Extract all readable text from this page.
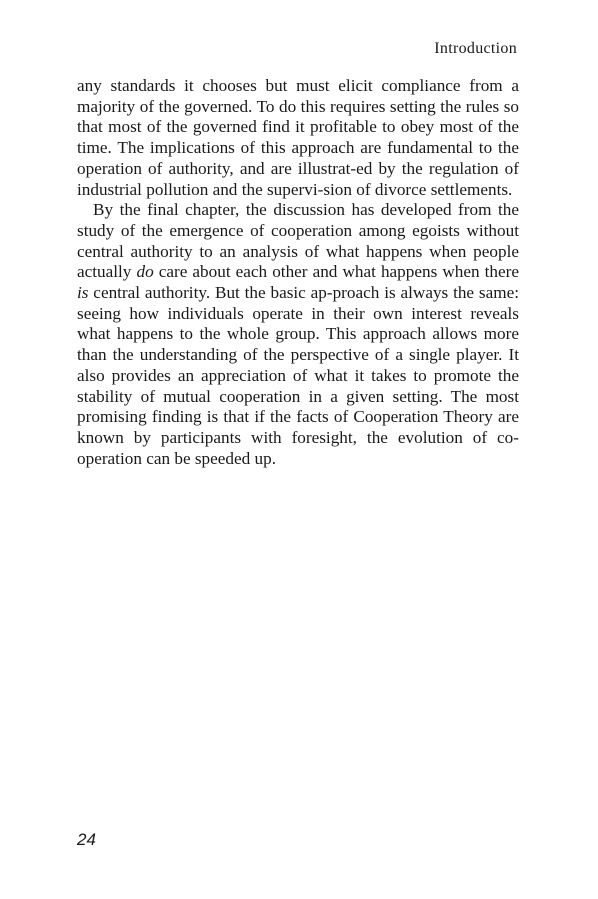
Introduction

any standards it chooses but must elicit compliance from a majority of the governed. To do this requires setting the rules so that most of the governed find it profitable to obey most of the time. The implications of this approach are fundamental to the operation of authority, and are illustrat-ed by the regulation of industrial pollution and the supervi-sion of divorce settlements.

By the final chapter, the discussion has developed from the study of the emergence of cooperation among egoists without central authority to an analysis of what happens when people actually do care about each other and what happens when there is central authority. But the basic ap-proach is always the same: seeing how individuals operate in their own interest reveals what happens to the whole group. This approach allows more than the understanding of the perspective of a single player. It also provides an appreciation of what it takes to promote the stability of mutual cooperation in a given setting. The most promising finding is that if the facts of Cooperation Theory are known by participants with foresight, the evolution of co-operation can be speeded up.

24
